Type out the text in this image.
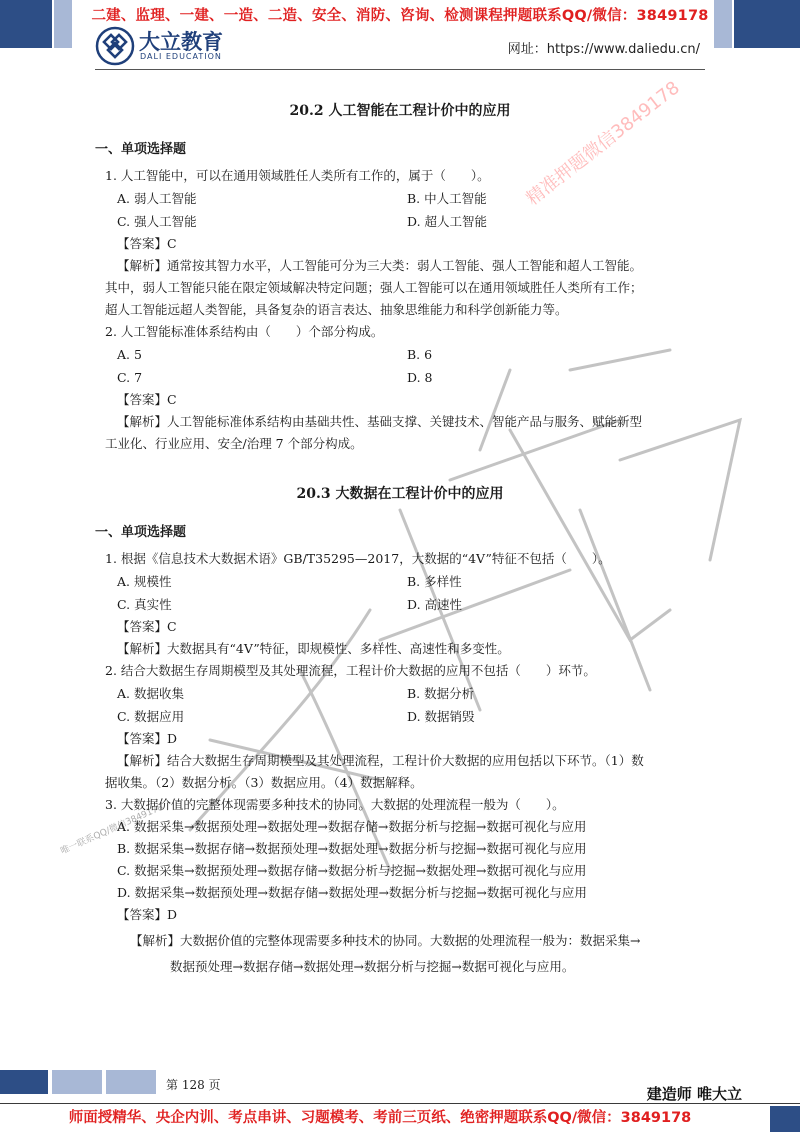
二建、监理、一建、一造、二造、安全、消防、咨询、检测课程押题联系QQ/微信：3849178
大立教育
DALI EDUCATION	网址：https://www.daliedu.cn/
精准押题微信3849178
唯一联系QQ/微信3849178
20.2 人工智能在工程计价中的应用
一、单项选择题
1. 人工智能中，可以在通用领域胜任人类所有工作的，属于（　　）。
A. 弱人工智能	B. 中人工智能
C. 强人工智能	D. 超人工智能
【答案】C
【解析】通常按其智力水平，人工智能可分为三大类：弱人工智能、强人工智能和超人工智能。
其中，弱人工智能只能在限定领域解决特定问题；强人工智能可以在通用领域胜任人类所有工作；
超人工智能远超人类智能，具备复杂的语言表达、抽象思维能力和科学创新能力等。
2. 人工智能标准体系结构由（　　）个部分构成。
A. 5	B. 6
C. 7	D. 8
【答案】C
【解析】人工智能标准体系结构由基础共性、基础支撑、关键技术、智能产品与服务、赋能新型
工业化、行业应用、安全/治理 7 个部分构成。
20.3 大数据在工程计价中的应用
一、单项选择题
1. 根据《信息技术大数据术语》GB/T35295—2017，大数据的“4V”特征不包括（　　）。
A. 规模性	B. 多样性
C. 真实性	D. 高速性
【答案】C
【解析】大数据具有“4V”特征，即规模性、多样性、高速性和多变性。
2. 结合大数据生存周期模型及其处理流程，工程计价大数据的应用不包括（　　）环节。
A. 数据收集	B. 数据分析
C. 数据应用	D. 数据销毁
【答案】D
【解析】结合大数据生存周期模型及其处理流程，工程计价大数据的应用包括以下环节。（1）数
据收集。（2）数据分析。（3）数据应用。（4）数据解释。
3. 大数据价值的完整体现需要多种技术的协同。大数据的处理流程一般为（　　）。
A. 数据采集→数据预处理→数据处理→数据存储→数据分析与挖掘→数据可视化与应用
B. 数据采集→数据存储→数据预处理→数据处理→数据分析与挖掘→数据可视化与应用
C. 数据采集→数据预处理→数据存储→数据分析与挖掘→数据处理→数据可视化与应用
D. 数据采集→数据预处理→数据存储→数据处理→数据分析与挖掘→数据可视化与应用
【答案】D
【解析】大数据价值的完整体现需要多种技术的协同。大数据的处理流程一般为：数据采集→
数据预处理→数据存储→数据处理→数据分析与挖掘→数据可视化与应用。
第 128 页	建造师 唯大立
师面授精华、央企内训、考点串讲、习题模考、考前三页纸、绝密押题联系QQ/微信：3849178
